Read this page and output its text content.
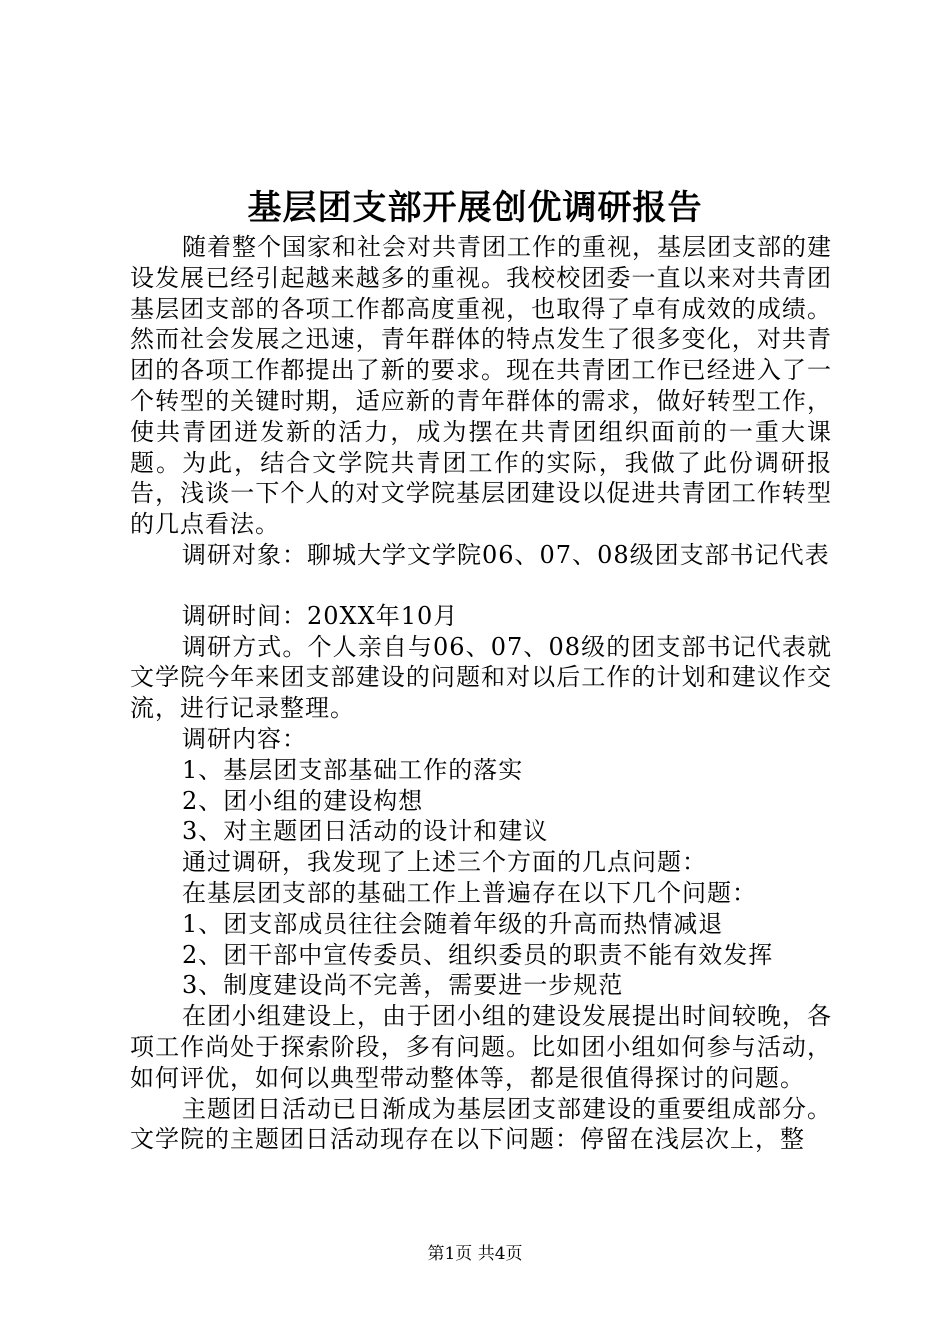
基层团支部开展创优调研报告

随着整个国家和社会对共青团工作的重视，基层团支部的建设发展已经引起越来越多的重视。我校校团委一直以来对共青团基层团支部的各项工作都高度重视，也取得了卓有成效的成绩。然而社会发展之迅速，青年群体的特点发生了很多变化，对共青团的各项工作都提出了新的要求。现在共青团工作已经进入了一个转型的关键时期，适应新的青年群体的需求，做好转型工作，使共青团迸发新的活力，成为摆在共青团组织面前的一重大课题。为此，结合文学院共青团工作的实际，我做了此份调研报告，浅谈一下个人的对文学院基层团建设以促进共青团工作转型的几点看法。

调研对象：聊城大学文学院06、07、08级团支部书记代表

调研时间：20XX年10月

调研方式。个人亲自与06、07、08级的团支部书记代表就文学院今年来团支部建设的问题和对以后工作的计划和建议作交流，进行记录整理。

调研内容：

1、基层团支部基础工作的落实

2、团小组的建设构想

3、对主题团日活动的设计和建议

通过调研，我发现了上述三个方面的几点问题：

在基层团支部的基础工作上普遍存在以下几个问题：

1、团支部成员往往会随着年级的升高而热情减退

2、团干部中宣传委员、组织委员的职责不能有效发挥

3、制度建设尚不完善，需要进一步规范

在团小组建设上，由于团小组的建设发展提出时间较晚，各项工作尚处于探索阶段，多有问题。比如团小组如何参与活动，如何评优，如何以典型带动整体等，都是很值得探讨的问题。

主题团日活动已日渐成为基层团支部建设的重要组成部分。文学院的主题团日活动现存在以下问题：停留在浅层次上，整

第1页 共4页
